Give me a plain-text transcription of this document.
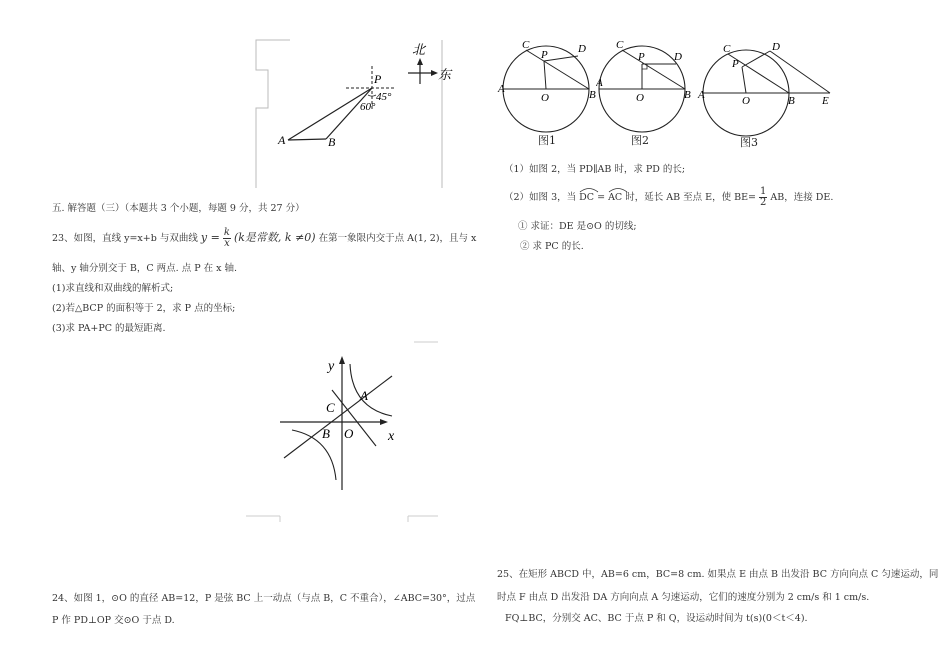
P
45°
60°
A	B
北
东
五. 解答题（三）（本题共 3 个小题，每题 9 分，共 27 分）
23、如图，直线 y=x+b 与双曲线 $y = \frac{k}{x} (k$是常数, k ≠0) 在第一象限内交于点 A(1, 2)，且与 x
轴、y 轴分别交于 B，C 两点. 点 P 在 x 轴.
(1)求直线和双曲线的解析式;
(2)若△BCP 的面积等于 2，求 P 点的坐标;
(3)求 PA+PC 的最短距离.
y
x
A
C
B O
24、如图 1，⊙O 的直径 AB=12，P 是弦 BC 上一动点（与点 B，C 不重合），∠ABC=30°，过点
P 作 PD⊥OP 交⊙O 于点 D.
C
P	D
A
O	B
图1
C
P	D
A
O	B
图2
C
P
D
A	O	B E
图3
（1）如图 2，当 PD∥AB 时，求 PD 的长;
（2）如图 3，当 DC = AC 时，延长 AB 至点 E，使 $BE= \frac{1}{2}$ AB，连接 DE.
① 求证：DE 是⊙O 的切线;
② 求 PC 的长.
25、在矩形 ABCD 中，AB=6 cm，BC=8 cm. 如果点 E 由点 B 出发沿 BC 方向向点 C 匀速运动，同
时点 F 由点 D 出发沿 DA 方向向点 A 匀速运动，它们的速度分别为 2 cm/s 和 1 cm/s.
FQ⊥BC，分别交 AC、BC 于点 P 和 Q，设运动时间为 t(s)(0＜t＜4).
